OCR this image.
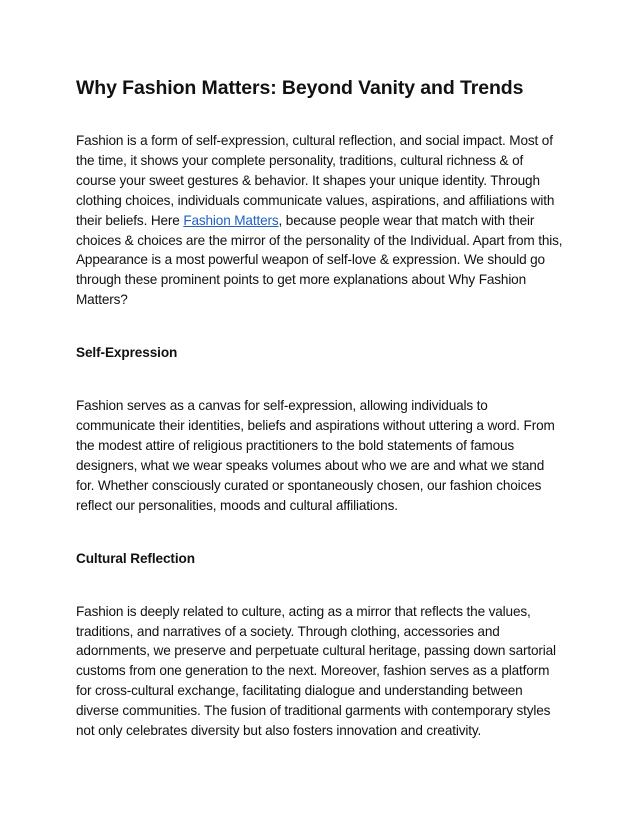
Why Fashion Matters: Beyond Vanity and Trends

Fashion is a form of self-expression, cultural reflection, and social impact. Most of the time, it shows your complete personality, traditions, cultural richness & of course your sweet gestures & behavior. It shapes your unique identity. Through clothing choices, individuals communicate values, aspirations, and affiliations with their beliefs. Here Fashion Matters, because people wear that match with their choices & choices are the mirror of the personality of the Individual. Apart from this, Appearance is a most powerful weapon of self-love & expression. We should go through these prominent points to get more explanations about Why Fashion Matters?

Self-Expression

Fashion serves as a canvas for self-expression, allowing individuals to communicate their identities, beliefs and aspirations without uttering a word. From the modest attire of religious practitioners to the bold statements of famous designers, what we wear speaks volumes about who we are and what we stand for. Whether consciously curated or spontaneously chosen, our fashion choices reflect our personalities, moods and cultural affiliations.

Cultural Reflection

Fashion is deeply related to culture, acting as a mirror that reflects the values, traditions, and narratives of a society. Through clothing, accessories and adornments, we preserve and perpetuate cultural heritage, passing down sartorial customs from one generation to the next. Moreover, fashion serves as a platform for cross-cultural exchange, facilitating dialogue and understanding between diverse communities. The fusion of traditional garments with contemporary styles not only celebrates diversity but also fosters innovation and creativity.
